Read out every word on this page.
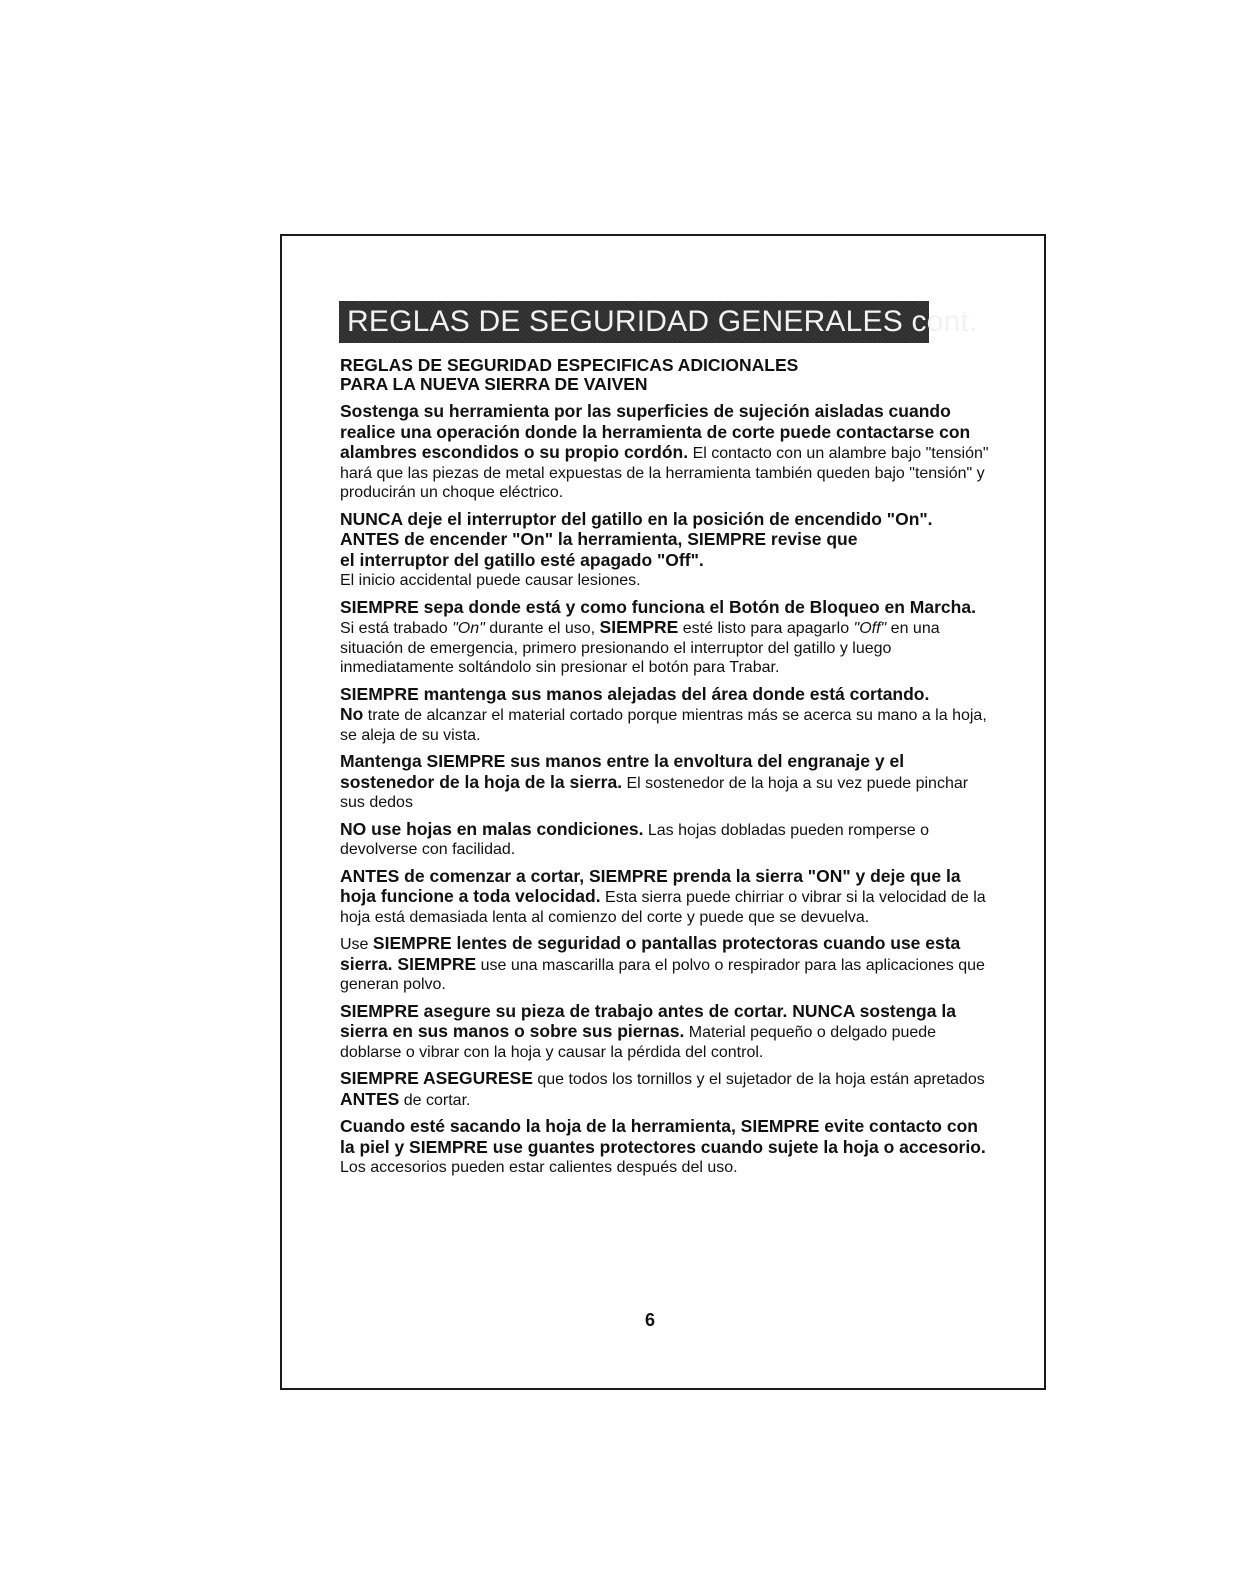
REGLAS DE SEGURIDAD GENERALES cont.
REGLAS DE SEGURIDAD ESPECIFICAS ADICIONALES
PARA LA NUEVA SIERRA DE VAIVEN

Sostenga su herramienta por las superficies de sujeción aisladas cuando realice una operación donde la herramienta de corte puede contactarse con alambres escondidos o su propio cordón. El contacto con un alambre bajo "tensión" hará que las piezas de metal expuestas de la herramienta también queden bajo "tensión" y producirán un choque eléctrico.

NUNCA deje el interruptor del gatillo en la posición de encendido "On".
ANTES de encender "On" la herramienta, SIEMPRE revise que
el interruptor del gatillo esté apagado "Off".
El inicio accidental puede causar lesiones.

SIEMPRE sepa donde está y como funciona el Botón de Bloqueo en Marcha.
Si está trabado "On" durante el uso, SIEMPRE esté listo para apagarlo "Off" en una situación de emergencia, primero presionando el interruptor del gatillo y luego inmediatamente soltándolo sin presionar el botón para Trabar.

SIEMPRE mantenga sus manos alejadas del área donde está cortando.
No trate de alcanzar el material cortado porque mientras más se acerca su mano a la hoja, se aleja de su vista.

Mantenga SIEMPRE sus manos entre la envoltura del engranaje y el sostenedor de la hoja de la sierra. El sostenedor de la hoja a su vez puede pinchar sus dedos

NO use hojas en malas condiciones. Las hojas dobladas pueden romperse o devolverse con facilidad.

ANTES de comenzar a cortar, SIEMPRE prenda la sierra "ON" y deje que la hoja funcione a toda velocidad. Esta sierra puede chirriar o vibrar si la velocidad de la hoja está demasiada lenta al comienzo del corte y puede que se devuelva.

Use SIEMPRE lentes de seguridad o pantallas protectoras cuando use esta sierra. SIEMPRE use una mascarilla para el polvo o respirador para las aplicaciones que generan polvo.

SIEMPRE asegure su pieza de trabajo antes de cortar. NUNCA sostenga la sierra en sus manos o sobre sus piernas. Material pequeño o delgado puede doblarse o vibrar con la hoja y causar la pérdida del control.

SIEMPRE ASEGURESE que todos los tornillos y el sujetador de la hoja están apretados ANTES de cortar.

Cuando esté sacando la hoja de la herramienta, SIEMPRE evite contacto con la piel y SIEMPRE use guantes protectores cuando sujete la hoja o accesorio. Los accesorios pueden estar calientes después del uso.

6
